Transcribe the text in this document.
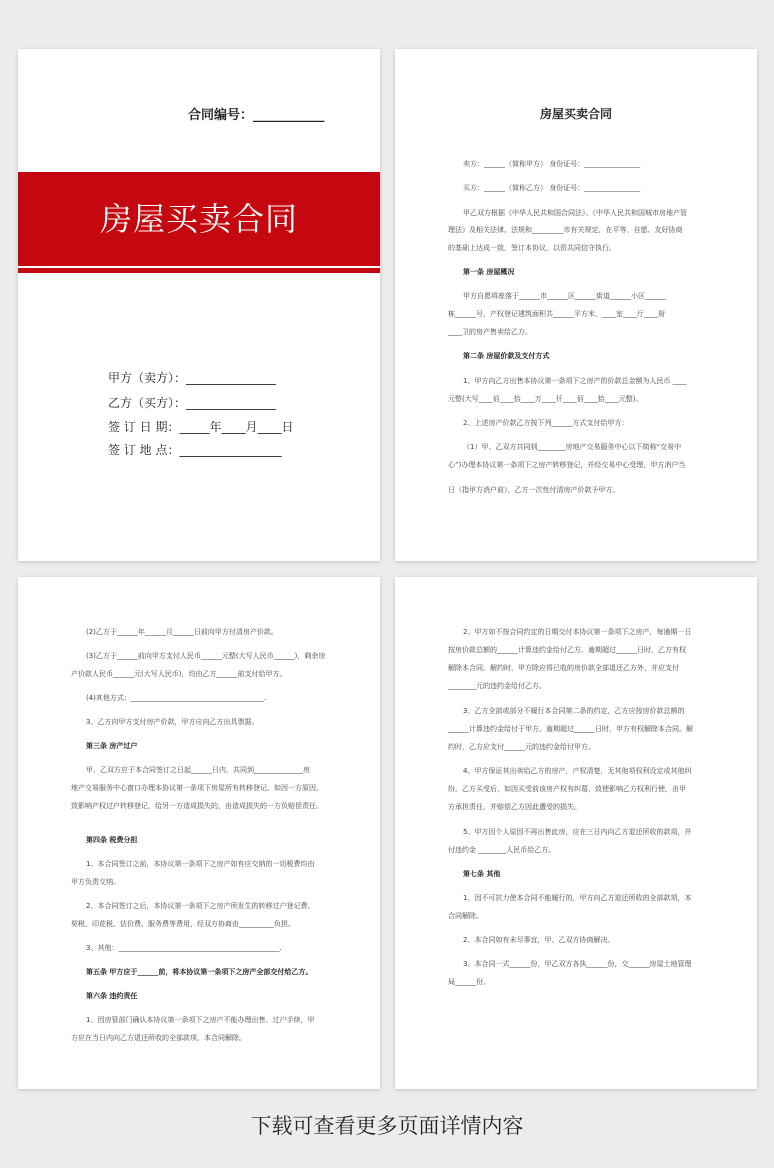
合同编号：___________
房屋买卖合同
甲方（卖方）：_______________
乙方（买方）：_______________
签 订 日 期：_____年____月____日
签 订 地 点：_________________
房屋买卖合同
卖方：______（简称甲方） 身份证号：________________
买方：______（简称乙方） 身份证号：________________
甲乙双方根据《中华人民共和国合同法》、《中华人民共和国城市房地产管
理法》及相关法律、法规和_________市有关规定，在平等、自愿、友好协商
的基础上达成一致，签订本协议，以资共同信守执行。
第一条 房屋概况
甲方自愿将座落于______市______区______街道______小区______
栋______号，产权登记建筑面积共______平方米，____室____厅____厨
____卫的房产售卖给乙方。
第二条 房屋价款及支付方式
1、甲方向乙方出售本协议第一条项下之房产的价款总金额为人民币 ____
元整(大写____佰____拾____万____仟____佰____拾____元整)。
2、上述房产价款乙方按下列______方式支付给甲方：
（1）甲、乙双方共同到________房地产交易服务中心以下简称“交易中
心”)办理本协议第一条项下之房产转移登记，并经交易中心受理，甲方消户当
日（指甲方消户前），乙方一次性付清房产价款予甲方。
(2)乙方于______年______月______日前向甲方付清房产价款。
(3)乙方于______前向甲方支付人民币______元整(大写人民币______)，剩余房
产价款人民币______元(大写人民币)，均由乙方______前支付给甲方。
(4)其他方式：______________________________________.
3、乙方向甲方支付房产价款，甲方应向乙方出具票据。
第三条 房产过户
甲、乙双方应于本合同签订之日起______日内，共同到______________房
地产交易服务中心窗口办理本协议第一条项下房屋所有转移登记。如因一方原因，
致影响产权过户转移登记，给另一方造成损失的，由造成损失的一方负赔偿责任。
第四条 税费分担
1、本合同签订之前，本协议第一条项下之房产如有应交纳的一切税费均由
甲方负责交纳。
2、本合同签订之后，本协议第一条项下之房产所发生的转移过户登记费、
契税、印花税、估价费、服务费等费用，经双方协商由__________负担。
3、其他：______________________________________________.
第五条 甲方应于______前，将本协议第一条项下之房产全部交付给乙方。
第六条 违约责任
1、因房管部门确认本协议第一条项下之房产不能办理出售、过户手续，甲
方应在当日内向乙方退还所收的全部款项，本合同解除。
2、甲方如不按合同约定的日期交付本协议第一条项下之房产，每逾期一日
按房价款总额的______计算违约金给付乙方。逾期超过______日时，乙方有权
解除本合同。解约时，甲方除应将已收的房价款全部退还乙方外，并应支付
________元的违约金给付乙方。
3、乙方全部或部分不履行本合同第二条的约定，乙方应按房价款总额的
______计算违约金给付于甲方。逾期超过______日时，甲方有权解除本合同。解
约时，乙方应支付______元的违约金给付甲方。
4、甲方保证其出卖给乙方的房产，产权清楚，无其他项权利设定或其他纠
纷。乙方买受后，如因买受前该房产权有纠葛，致使影响乙方权利行使，由甲
方承担责任，并赔偿乙方因此遭受的损失。
5、甲方因个人原因不再出售此房，应在三日内向乙方退还所收的款项，并
付违约金 ________人民币给乙方。
第七条 其他
1、因不可抗力使本合同不能履行的，甲方向乙方退还所收的全部款项，本
合同解除。
2、本合同如有未尽事宜，甲、乙双方协商解决。
3、本合同一式______份，甲乙双方各执______份，交______房屋土地管理
局______份。
下载可查看更多页面详情内容
